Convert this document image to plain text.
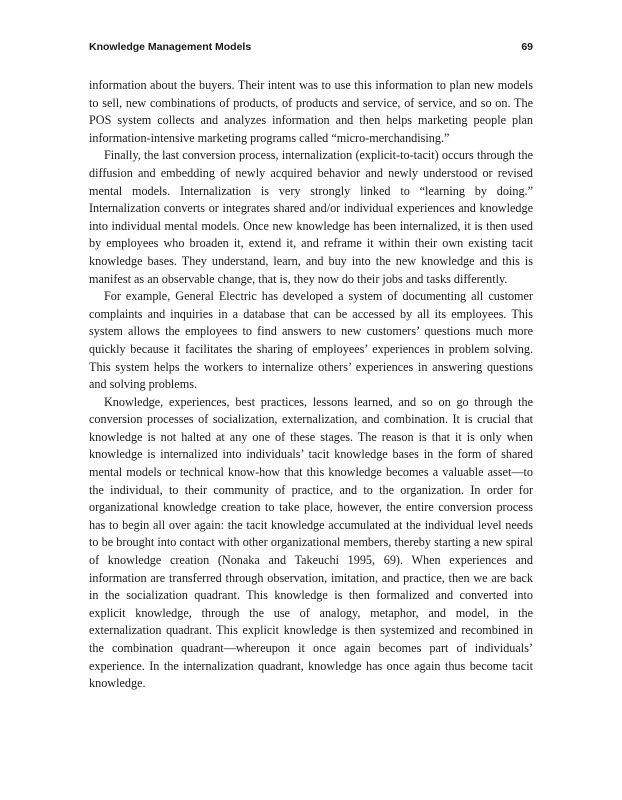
Knowledge Management Models	69

information about the buyers. Their intent was to use this information to plan new models to sell, new combinations of products, of products and service, of service, and so on. The POS system collects and analyzes information and then helps marketing people plan information-intensive marketing programs called “micro-merchandising.”

Finally, the last conversion process, internalization (explicit-to-tacit) occurs through the diffusion and embedding of newly acquired behavior and newly understood or revised mental models. Internalization is very strongly linked to “learning by doing.” Internalization converts or integrates shared and/or individual experiences and knowledge into individual mental models. Once new knowledge has been internalized, it is then used by employees who broaden it, extend it, and reframe it within their own existing tacit knowledge bases. They understand, learn, and buy into the new knowledge and this is manifest as an observable change, that is, they now do their jobs and tasks differently.

For example, General Electric has developed a system of documenting all customer complaints and inquiries in a database that can be accessed by all its employees. This system allows the employees to find answers to new customers’ questions much more quickly because it facilitates the sharing of employees’ experiences in problem solving. This system helps the workers to internalize others’ experiences in answering questions and solving problems.

Knowledge, experiences, best practices, lessons learned, and so on go through the conversion processes of socialization, externalization, and combination. It is crucial that knowledge is not halted at any one of these stages. The reason is that it is only when knowledge is internalized into individuals’ tacit knowledge bases in the form of shared mental models or technical know-how that this knowledge becomes a valuable asset—to the individual, to their community of practice, and to the organization. In order for organizational knowledge creation to take place, however, the entire conversion process has to begin all over again: the tacit knowledge accumulated at the individual level needs to be brought into contact with other organizational members, thereby starting a new spiral of knowledge creation (Nonaka and Takeuchi 1995, 69). When experiences and information are transferred through observation, imitation, and practice, then we are back in the socialization quadrant. This knowledge is then formalized and converted into explicit knowledge, through the use of analogy, metaphor, and model, in the externalization quadrant. This explicit knowledge is then systemized and recombined in the combination quadrant—whereupon it once again becomes part of individuals’ experience. In the internalization quadrant, knowledge has once again thus become tacit knowledge.
